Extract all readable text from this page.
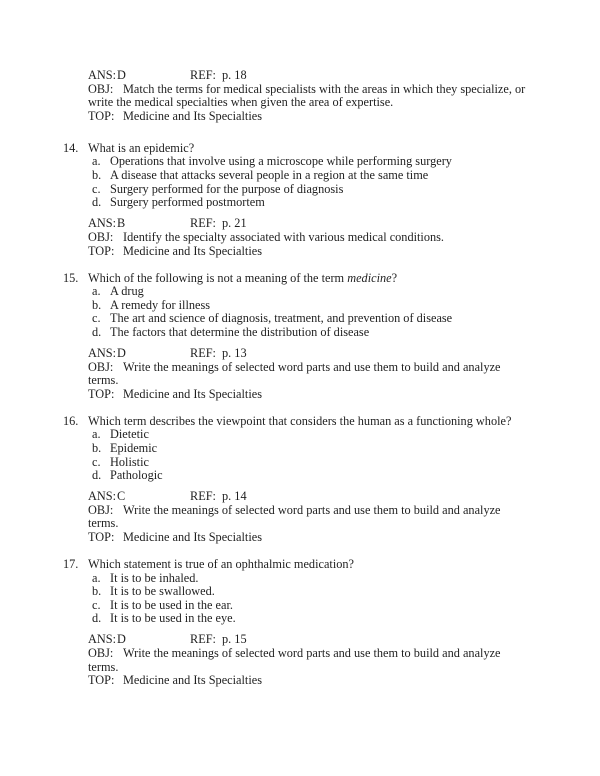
ANS: D	REF: p. 18
OBJ: Match the terms for medical specialists with the areas in which they specialize, or
write the medical specialties when given the area of expertise.
TOP: Medicine and Its Specialties
14. What is an epidemic?
a. Operations that involve using a microscope while performing surgery
b. A disease that attacks several people in a region at the same time
c. Surgery performed for the purpose of diagnosis
d. Surgery performed postmortem
ANS: B	REF: p. 21
OBJ: Identify the specialty associated with various medical conditions.
TOP: Medicine and Its Specialties
15. Which of the following is not a meaning of the term medicine?
a. A drug
b. A remedy for illness
c. The art and science of diagnosis, treatment, and prevention of disease
d. The factors that determine the distribution of disease
ANS: D	REF: p. 13
OBJ: Write the meanings of selected word parts and use them to build and analyze
terms.
TOP: Medicine and Its Specialties
16. Which term describes the viewpoint that considers the human as a functioning whole?
a. Dietetic
b. Epidemic
c. Holistic
d. Pathologic
ANS: C	REF: p. 14
OBJ: Write the meanings of selected word parts and use them to build and analyze
terms.
TOP: Medicine and Its Specialties
17. Which statement is true of an ophthalmic medication?
a. It is to be inhaled.
b. It is to be swallowed.
c. It is to be used in the ear.
d. It is to be used in the eye.
ANS: D	REF: p. 15
OBJ: Write the meanings of selected word parts and use them to build and analyze
terms.
TOP: Medicine and Its Specialties
